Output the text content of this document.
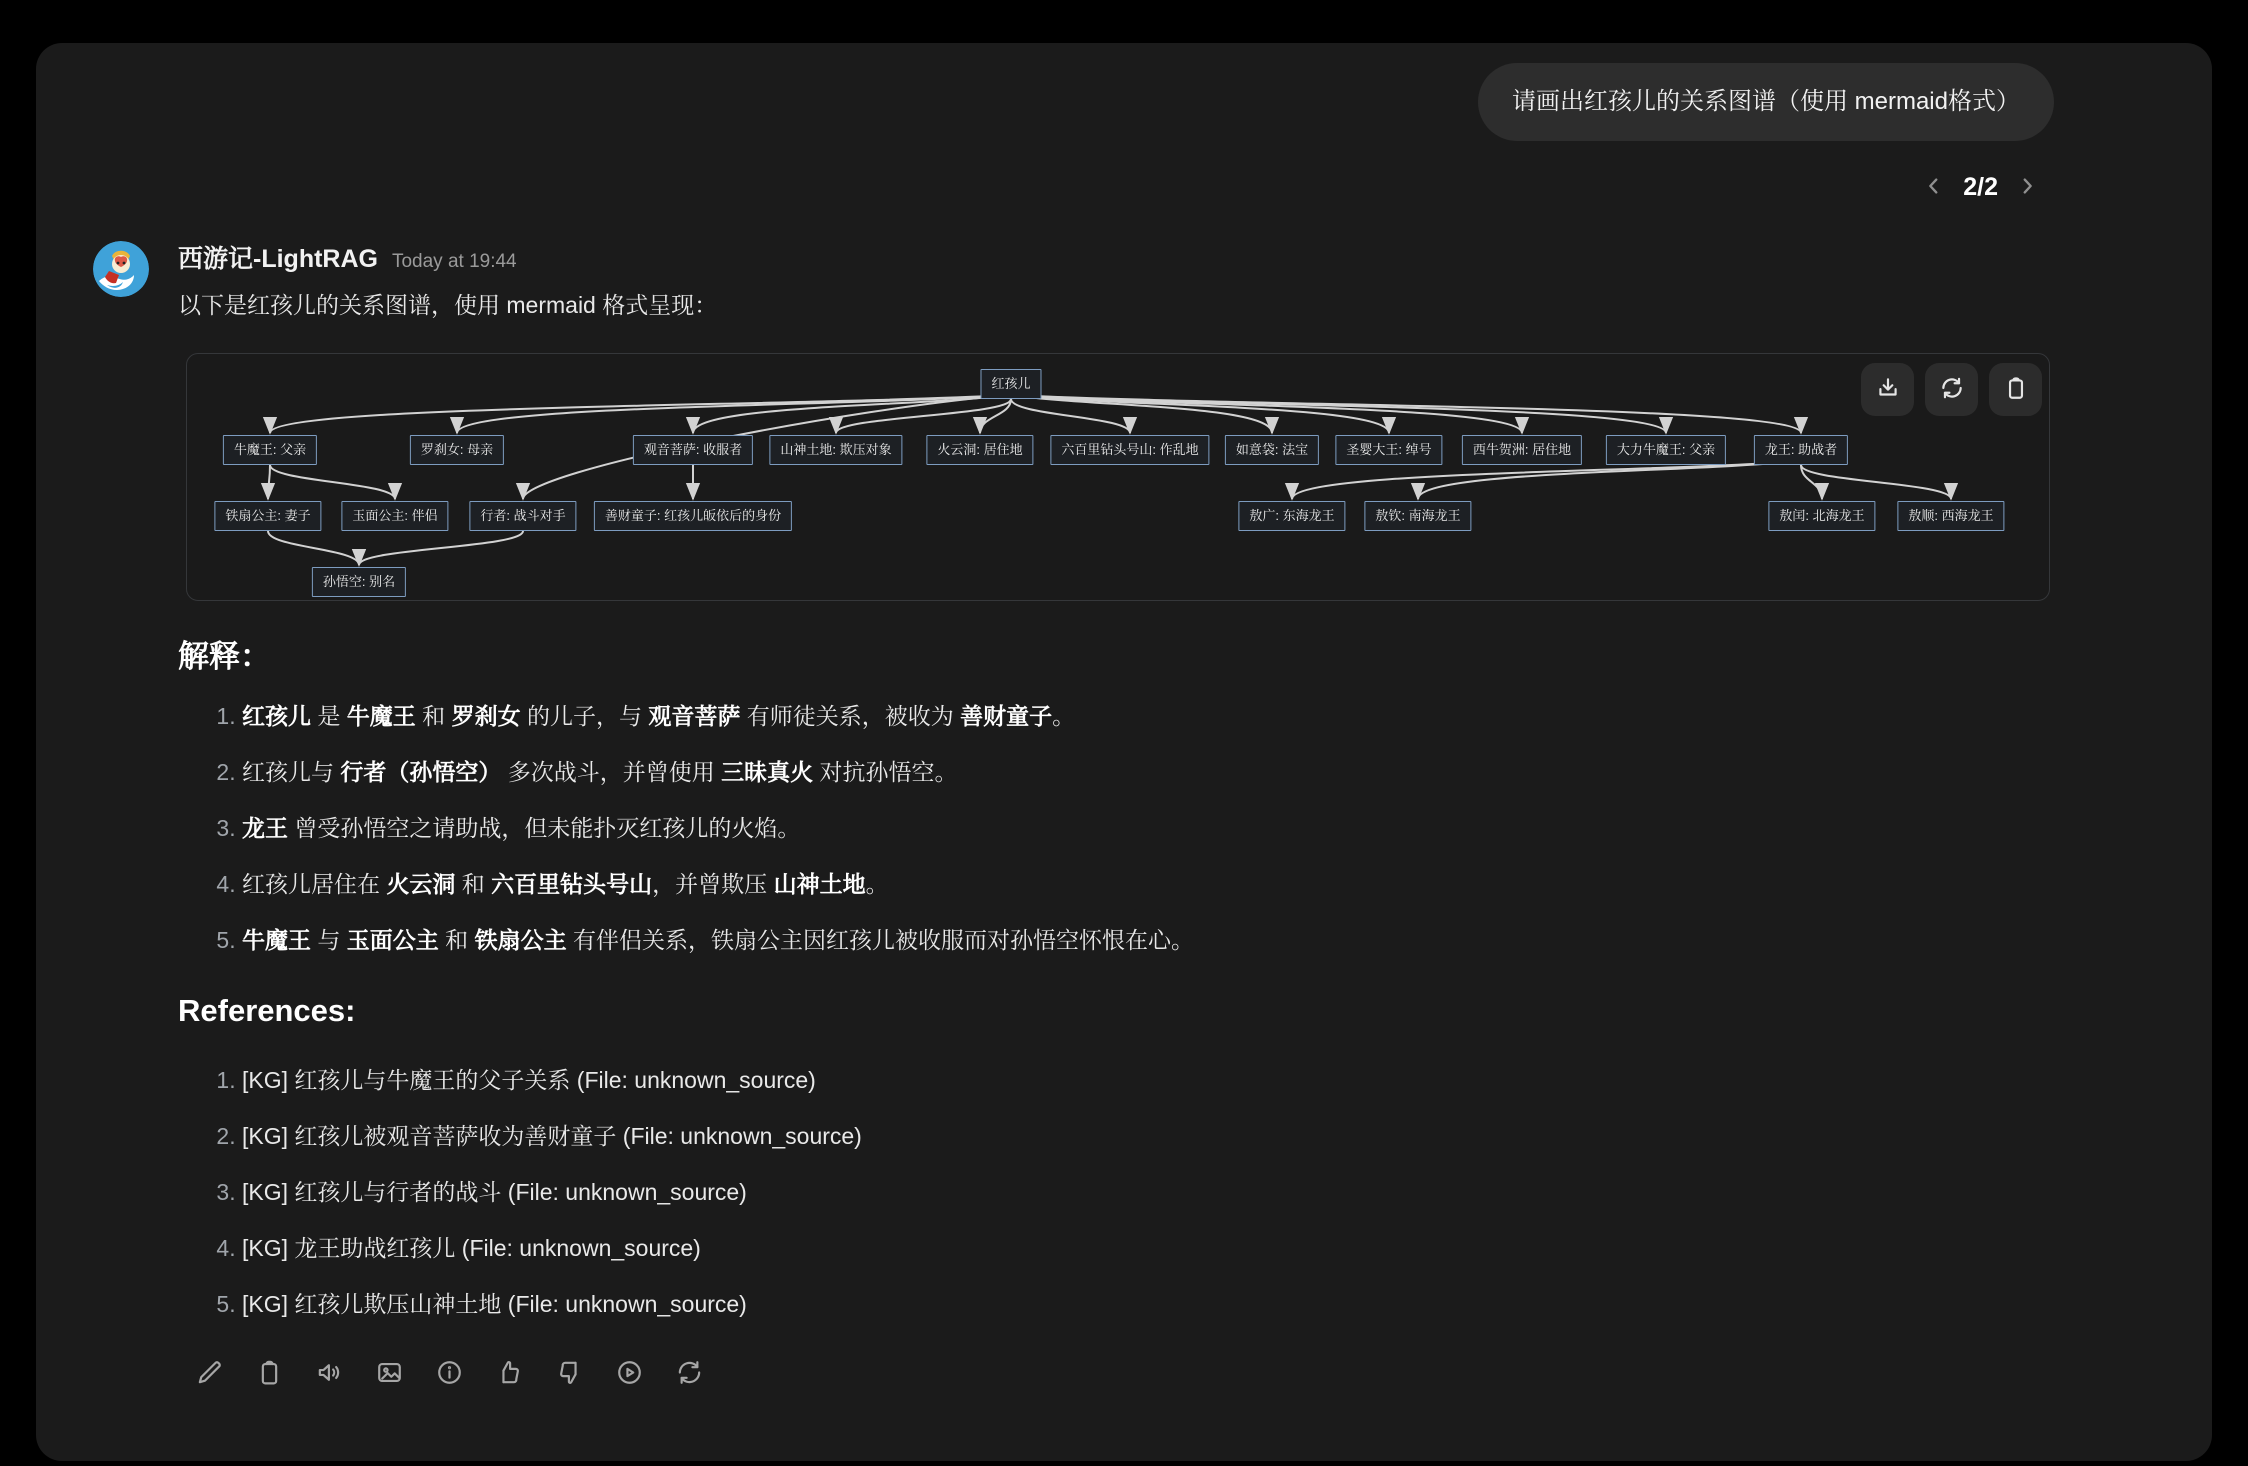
请画出红孩儿的关系图谱（使用 mermaid格式）
2/2
西游记-LightRAG Today at 19:44
以下是红孩儿的关系图谱，使用 mermaid 格式呈现：
红孩儿
牛魔王: 父亲	罗刹女: 母亲	观音菩萨: 收服者	山神土地: 欺压对象	火云洞: 居住地	六百里钻头号山: 作乱地	如意袋: 法宝	圣婴大王: 绰号	西牛贺洲: 居住地	大力牛魔王: 父亲	龙王: 助战者
铁扇公主: 妻子	玉面公主: 伴侣	行者: 战斗对手	善财童子: 红孩儿皈依后的身份	敖广: 东海龙王	敖钦: 南海龙王	敖闰: 北海龙王	敖顺: 西海龙王
孙悟空: 别名
解释：
1. 红孩儿 是 牛魔王 和 罗刹女 的儿子，与 观音菩萨 有师徒关系，被收为 善财童子。
2. 红孩儿与 行者（孙悟空） 多次战斗，并曾使用 三昧真火 对抗孙悟空。
3. 龙王 曾受孙悟空之请助战，但未能扑灭红孩儿的火焰。
4. 红孩儿居住在 火云洞 和 六百里钻头号山，并曾欺压 山神土地。
5. 牛魔王 与 玉面公主 和 铁扇公主 有伴侣关系，铁扇公主因红孩儿被收服而对孙悟空怀恨在心。
References:
1. [KG] 红孩儿与牛魔王的父子关系 (File: unknown_source)
2. [KG] 红孩儿被观音菩萨收为善财童子 (File: unknown_source)
3. [KG] 红孩儿与行者的战斗 (File: unknown_source)
4. [KG] 龙王助战红孩儿 (File: unknown_source)
5. [KG] 红孩儿欺压山神土地 (File: unknown_source)
